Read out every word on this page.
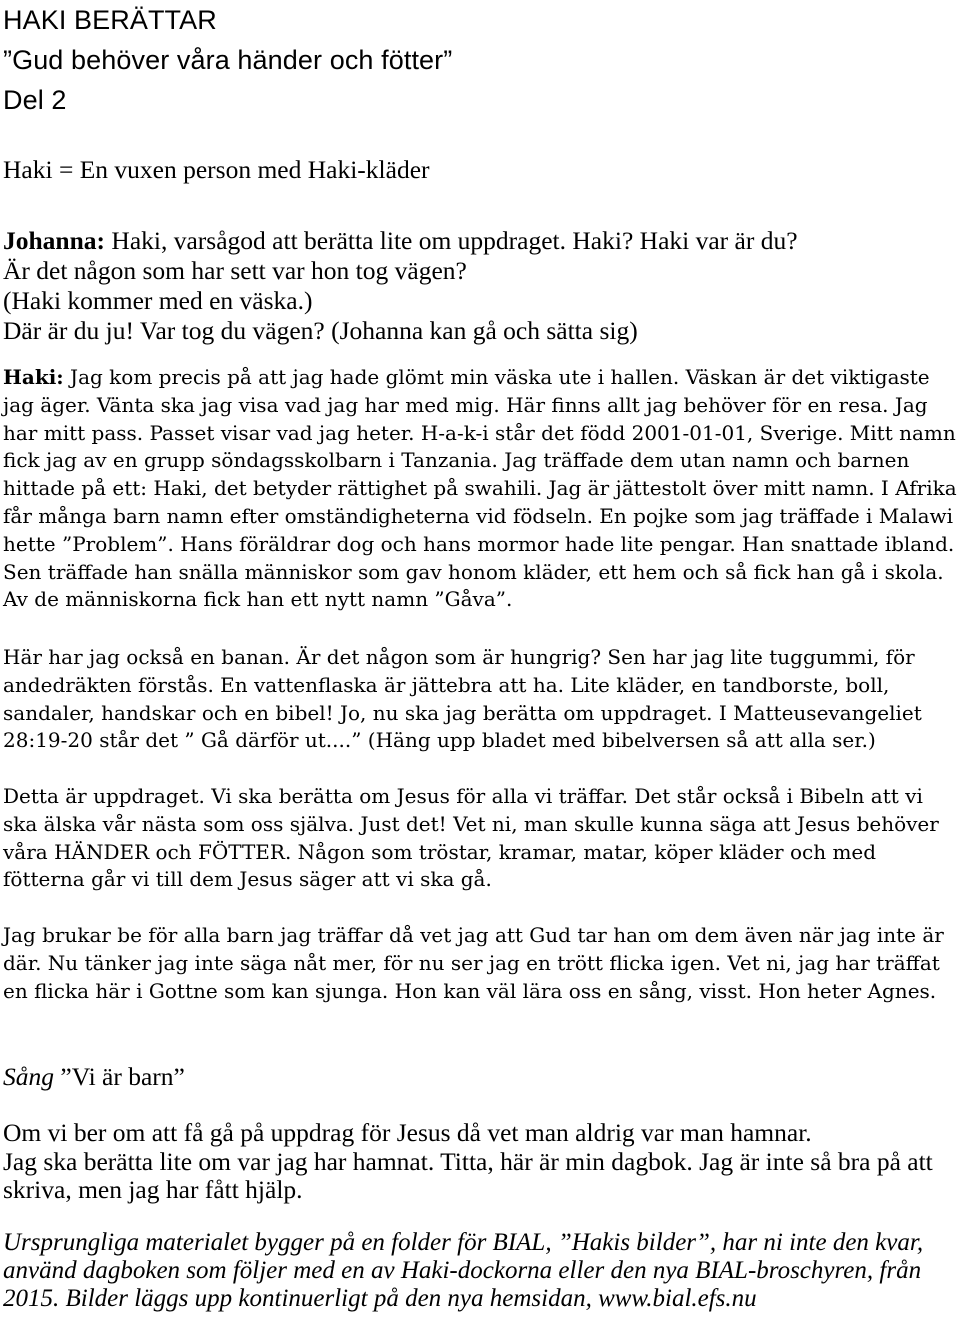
HAKI BERÄTTAR
”Gud behöver våra händer och fötter”
Del 2
Haki = En vuxen person med Haki-kläder

Johanna: Haki, varsågod att berätta lite om uppdraget. Haki? Haki var är du?

Är det någon som har sett var hon tog vägen?

(Haki kommer med en väska.)

Där är du ju! Var tog du vägen? (Johanna kan gå och sätta sig)

Haki: Jag kom precis på att jag hade glömt min väska ute i hallen. Väskan är det viktigaste jag äger. Vänta ska jag visa vad jag har med mig. Här finns allt jag behöver för en resa. Jag har mitt pass. Passet visar vad jag heter. H-a-k-i står det född 2001-01-01, Sverige. Mitt namn fick jag av en grupp söndagsskolbarn i Tanzania. Jag träffade dem utan namn och barnen hittade på ett: Haki, det betyder rättighet på swahili. Jag är jättestolt över mitt namn. I Afrika får många barn namn efter omständigheterna vid födseln. En pojke som jag träffade i Malawi hette ”Problem”. Hans föräldrar dog och hans mormor hade lite pengar. Han snattade ibland. Sen träffade han snälla människor som gav honom kläder, ett hem och så fick han gå i skola. Av de människorna fick han ett nytt namn ”Gåva”.

Här har jag också en banan. Är det någon som är hungrig? Sen har jag lite tuggummi, för andedräkten förstås. En vattenflaska är jättebra att ha. Lite kläder, en tandborste, boll, sandaler, handskar och en bibel! Jo, nu ska jag berätta om uppdraget. I Matteusevangeliet 28:19-20 står det ” Gå därför ut....” (Häng upp bladet med bibelversen så att alla ser.)
Detta är uppdraget. Vi ska berätta om Jesus för alla vi träffar. Det står också i Bibeln att vi ska älska vår nästa som oss själva. Just det! Vet ni, man skulle kunna säga att Jesus behöver våra HÄNDER och FÖTTER. Någon som tröstar, kramar, matar, köper kläder och med fötterna går vi till dem Jesus säger att vi ska gå.
Jag brukar be för alla barn jag träffar då vet jag att Gud tar han om dem även när jag inte är där. Nu tänker jag inte säga nåt mer, för nu ser jag en trött flicka igen. Vet ni, jag har träffat en flicka här i Gottne som kan sjunga. Hon kan väl lära oss en sång, visst. Hon heter Agnes.
Sång ”Vi är barn”

Om vi ber om att få gå på uppdrag för Jesus då vet man aldrig var man hamnar.

Jag ska berätta lite om var jag har hamnat. Titta, här är min dagbok. Jag är inte så bra på att skriva, men jag har fått hjälp.

Ursprungliga materialet bygger på en folder för BIAL, ”Hakis bilder”, har ni inte den kvar, använd dagboken som följer med en av Haki-dockorna eller den nya BIAL-broschyren, från 2015. Bilder läggs upp kontinuerligt på den nya hemsidan, www.bial.efs.nu
